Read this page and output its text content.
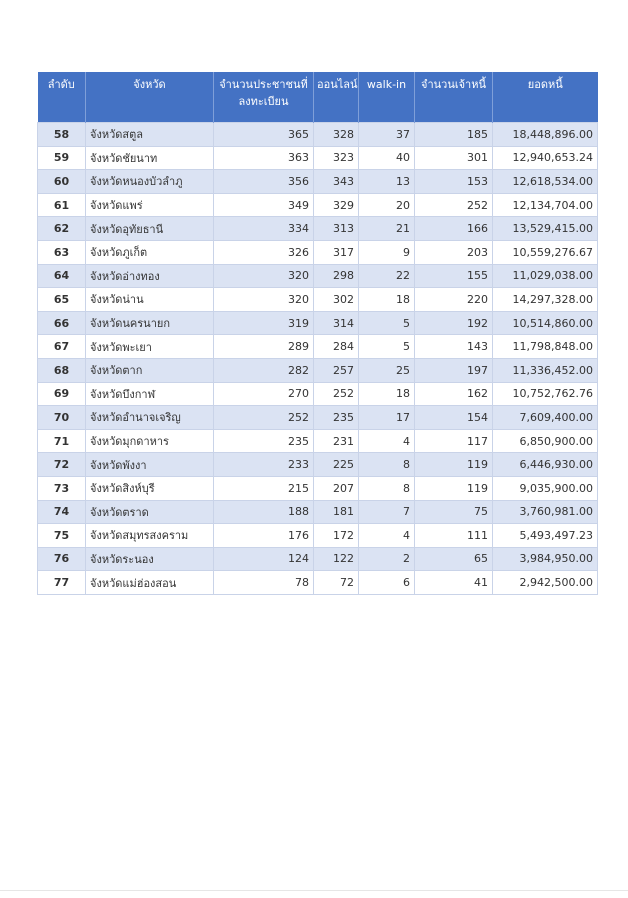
ลำดับ	จังหวัด	จำนวนประชาชนที่ลงทะเบียน	ออนไลน์	walk-in	จำนวนเจ้าหนี้	ยอดหนี้
58	จังหวัดสตูล	365	328	37	185	18,448,896.00
59	จังหวัดชัยนาท	363	323	40	301	12,940,653.24
60	จังหวัดหนองบัวลำภู	356	343	13	153	12,618,534.00
61	จังหวัดแพร่	349	329	20	252	12,134,704.00
62	จังหวัดอุทัยธานี	334	313	21	166	13,529,415.00
63	จังหวัดภูเก็ต	326	317	9	203	10,559,276.67
64	จังหวัดอ่างทอง	320	298	22	155	11,029,038.00
65	จังหวัดน่าน	320	302	18	220	14,297,328.00
66	จังหวัดนครนายก	319	314	5	192	10,514,860.00
67	จังหวัดพะเยา	289	284	5	143	11,798,848.00
68	จังหวัดตาก	282	257	25	197	11,336,452.00
69	จังหวัดบึงกาฬ	270	252	18	162	10,752,762.76
70	จังหวัดอำนาจเจริญ	252	235	17	154	7,609,400.00
71	จังหวัดมุกดาหาร	235	231	4	117	6,850,900.00
72	จังหวัดพังงา	233	225	8	119	6,446,930.00
73	จังหวัดสิงห์บุรี	215	207	8	119	9,035,900.00
74	จังหวัดตราด	188	181	7	75	3,760,981.00
75	จังหวัดสมุทรสงคราม	176	172	4	111	5,493,497.23
76	จังหวัดระนอง	124	122	2	65	3,984,950.00
77	จังหวัดแม่ฮ่องสอน	78	72	6	41	2,942,500.00
